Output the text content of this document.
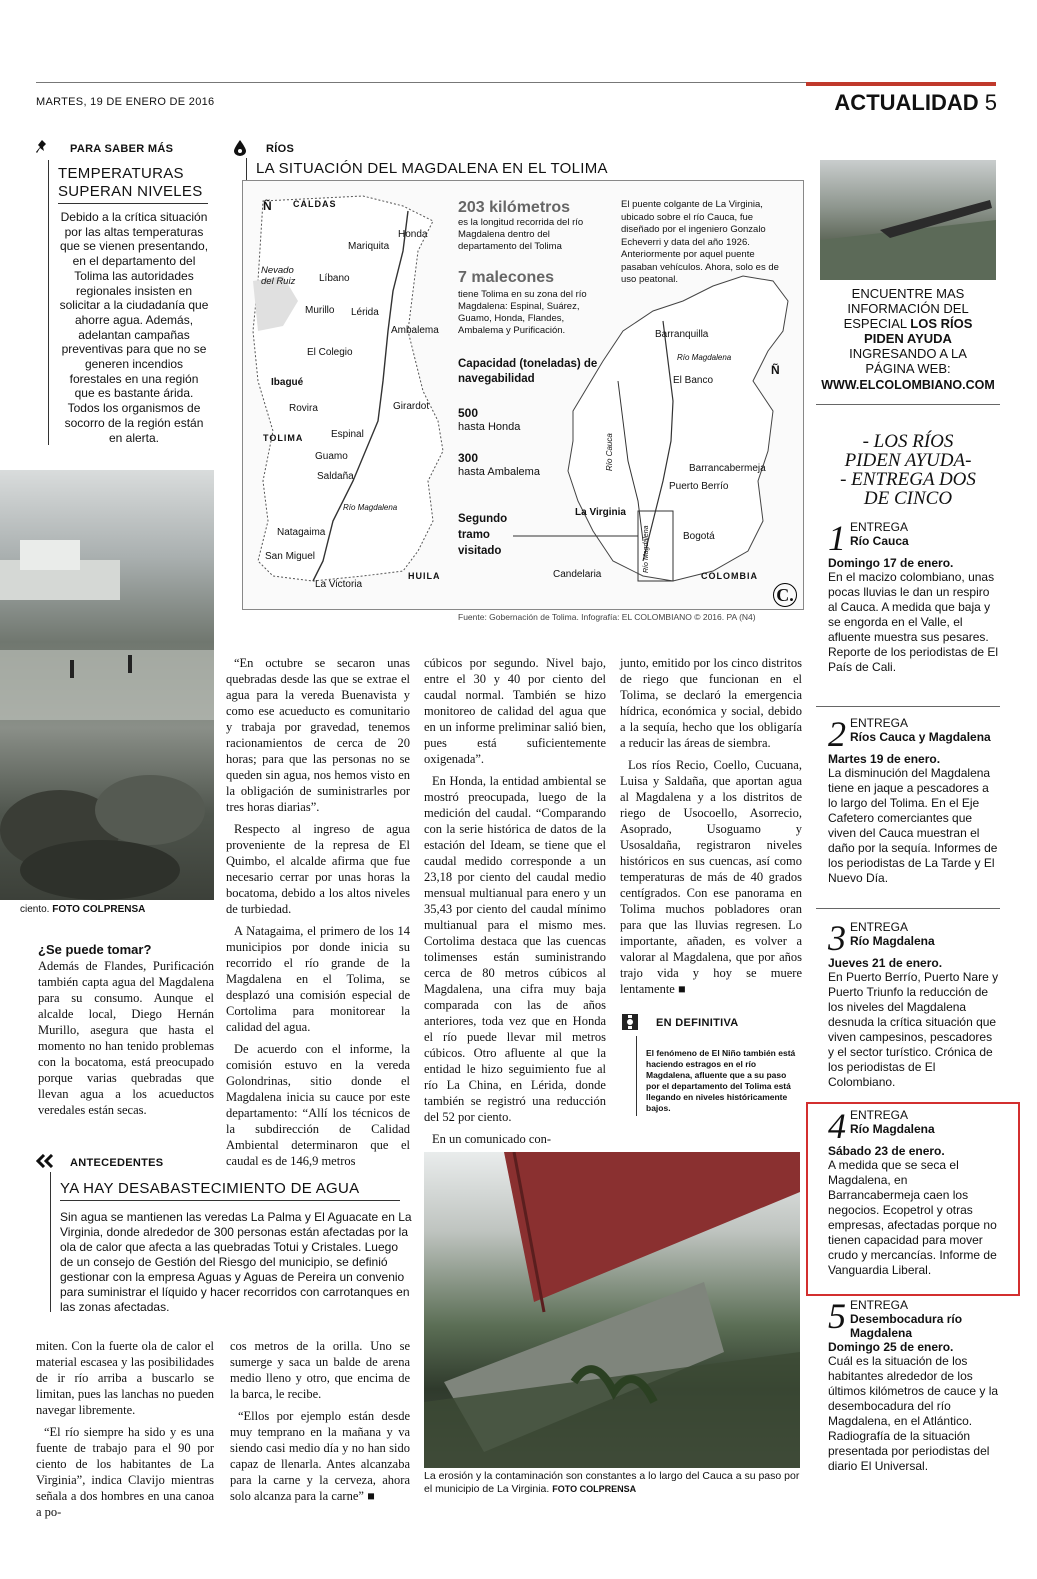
MARTES, 19 DE ENERO DE 2016	ACTUALIDAD 5
PARA SABER MÁS
TEMPERATURAS SUPERAN NIVELES
Debido a la crítica situación por las altas temperaturas que se vienen presentando, en el departamento del Tolima las autoridades regionales insisten en solicitar a la ciudadanía que ahorre agua. Además, adelantan campañas preventivas para que no se generen incendios forestales en una región que es bastante árida. Todos los organismos de socorro de la región están en alerta.
RÍOS
LA SITUACIÓN DEL MAGDALENA EN EL TOLIMA
Ñ CALDAS
Honda
Mariquita
Nevado del Ruiz	Líbano
Murillo Lérida
Ambalema
El Colegio
Ibagué
Rovira	Girardot
TOLIMA	Espinal
Guamo
Saldaña
Río Magdalena
Natagaima
San Miguel
La Victoria
HUILA
203 kilómetros
es la longitud recorrida del río Magdalena dentro del departamento del Tolima
7 malecones
tiene Tolima en su zona del río Magdalena: Espinal, Suárez, Guamo, Honda, Flandes, Ambalema y Purificación.
Capacidad (toneladas) de navegabilidad
500
hasta Honda
300
hasta Ambalema
Segundo tramo visitado
El puente colgante de La Virginia, ubicado sobre el río Cauca, fue diseñado por el ingeniero Gonzalo Echeverri y data del año 1926. Anteriormente por aquel puente pasaban vehículos. Ahora, solo es de uso peatonal.
Barranquilla
Río Magdalena
Ñ
El Banco
Barrancabermeja
Puerto Berrío
Río Cauca
La Virginia
Bogotá
Candelaria	COLOMBIA
Río Magdalena
C.
Fuente: Gobernación de Tolima. Infografía: EL COLOMBIANO © 2016. PA (N4)
ciento. FOTO COLPRENSA
¿Se puede tomar?
Además de Flandes, Purificación también capta agua del Magdalena para su consumo. Aunque el alcalde local, Diego Hernán Murillo, asegura que hasta el momento no han tenido problemas con la bocatoma, está preocupado porque varias quebradas que llevan agua a los acueductos veredales están secas.

“En octubre se secaron unas quebradas desde las que se extrae el agua para la vereda Buenavista y como ese acueducto es comunitario y trabaja por gravedad, tenemos racionamientos de cerca de 20 horas; para que las personas no se queden sin agua, nos hemos visto en la obligación de suministrarles por tres horas diarias”.

Respecto al ingreso de agua proveniente de la represa de El Quimbo, el alcalde afirma que fue necesario cerrar por unas horas la bocatoma, debido a los altos niveles de turbiedad.

A Natagaima, el primero de los 14 municipios por donde inicia su recorrido el río grande de la Magdalena en el Tolima, se desplazó una comisión especial de Cortolima para monitorear la calidad del agua.

De acuerdo con el informe, la comisión estuvo en la vereda Golondrinas, sitio donde el Magdalena inicia su cauce por este departamento: “Allí los técnicos de la subdirección de Calidad Ambiental determinaron que el caudal es de 146,9 metros

cúbicos por segundo. Nivel bajo, entre el 30 y 40 por ciento del caudal normal. También se hizo monitoreo de calidad del agua que en un informe preliminar salió bien, pues está suficientemente oxigenada”.

En Honda, la entidad ambiental se mostró preocupada, luego de la medición del caudal. “Comparando con la serie histórica de datos de la estación del Ideam, se tiene que el caudal medido corresponde a un 23,18 por ciento del caudal medio mensual multianual para enero y un 35,43 por ciento del caudal mínimo multianual para el mismo mes. Cortolima destaca que las cuencas tolimenses están suministrando cerca de 80 metros cúbicos al Magdalena, una cifra muy baja comparada con las de años anteriores, toda vez que en Honda el río puede llevar mil metros cúbicos. Otro afluente al que la entidad le hizo seguimiento fue al río La China, en Lérida, donde también se registró una reducción del 52 por ciento.

En un comunicado con-

junto, emitido por los cinco distritos de riego que funcionan en el Tolima, se declaró la emergencia hídrica, económica y social, debido a la sequía, hecho que los obligaría a reducir las áreas de siembra.

Los ríos Recio, Coello, Cucuana, Luisa y Saldaña, que aportan agua al Magdalena y a los distritos de riego de Usocoello, Asorrecio, Asoprado, Usoguamo y Usosaldaña, registraron niveles históricos en sus cuencas, así como temperaturas de más de 40 grados centígrados. Con ese panorama en Tolima muchos pobladores oran para que las lluvias regresen. Lo importante, añaden, es volver a valorar al Magdalena, que por años trajo vida y hoy se muere lentamente ■

EN DEFINITIVA
El fenómeno de El Niño también está haciendo estragos en el río Magdalena, afluente que a su paso por el departamento del Tolima está llegando en niveles históricamente bajos.
ANTECEDENTES
YA HAY DESABASTECIMIENTO DE AGUA
Sin agua se mantienen las veredas La Palma y El Aguacate en La Virginia, donde alrededor de 300 personas están afectadas por la ola de calor que afecta a las quebradas Totui y Cristales. Luego de un consejo de Gestión del Riesgo del municipio, se definió gestionar con la empresa Aguas y Aguas de Pereira un convenio para suministrar el líquido y hacer recorridos con carrotanques en las zonas afectadas.

miten. Con la fuerte ola de calor el material escasea y las posibilidades de ir río arriba a buscarlo se limitan, pues las lanchas no pueden navegar libremente.

“El río siempre ha sido y es una fuente de trabajo para el 90 por ciento de los habitantes de La Virginia”, indica Clavijo mientras señala a dos hombres en una canoa a po-

cos metros de la orilla. Uno se sumerge y saca un balde de arena medio lleno y otro, que encima de la barca, le recibe.

“Ellos por ejemplo están desde muy temprano en la mañana y va siendo casi medio día y no han sido capaz de llenarla. Antes alcanzaba para la carne y la cerveza, ahora solo alcanza para la carne” ■

La erosión y la contaminación son constantes a lo largo del Cauca a su paso por el municipio de La Virginia. FOTO COLPRENSA
ENCUENTRE MAS
INFORMACIÓN DEL
ESPECIAL LOS RÍOS
PIDEN AYUDA
INGRESANDO A LA
PÁGINA WEB:
WWW.ELCOLOMBIANO.COM
- LOS RÍOS
PIDEN AYUDA-
- ENTREGA DOS
DE CINCO
1 ENTREGA
Río Cauca
Domingo 17 de enero.
En el macizo colombiano, unas pocas lluvias le dan un respiro al Cauca. A medida que baja y se engorda en el Valle, el afluente muestra sus pesares. Reporte de los periodistas de El País de Cali.
2 ENTREGA
Ríos Cauca y Magdalena
Martes 19 de enero.
La disminución del Magdalena tiene en jaque a pescadores a lo largo del Tolima. En el Eje Cafetero comerciantes que viven del Cauca muestran el daño por la sequía. Informes de los periodistas de La Tarde y El Nuevo Día.
3 ENTREGA
Río Magdalena
Jueves 21 de enero.
En Puerto Berrío, Puerto Nare y Puerto Triunfo la reducción de los niveles del Magdalena desnuda la crítica situación que viven campesinos, pescadores y el sector turístico. Crónica de los periodistas de El Colombiano.
4 ENTREGA
Río Magdalena
Sábado 23 de enero.
A medida que se seca el Magdalena, en Barrancabermeja caen los negocios. Ecopetrol y otras empresas, afectadas porque no tienen capacidad para mover crudo y mercancías. Informe de Vanguardia Liberal.
5 ENTREGA
Desembocadura río Magdalena
Domingo 25 de enero.
Cuál es la situación de los habitantes alrededor de los últimos kilómetros de cauce y la desembocadura del río Magdalena, en el Atlántico. Radiografía de la situación presentada por periodistas del diario El Universal.
